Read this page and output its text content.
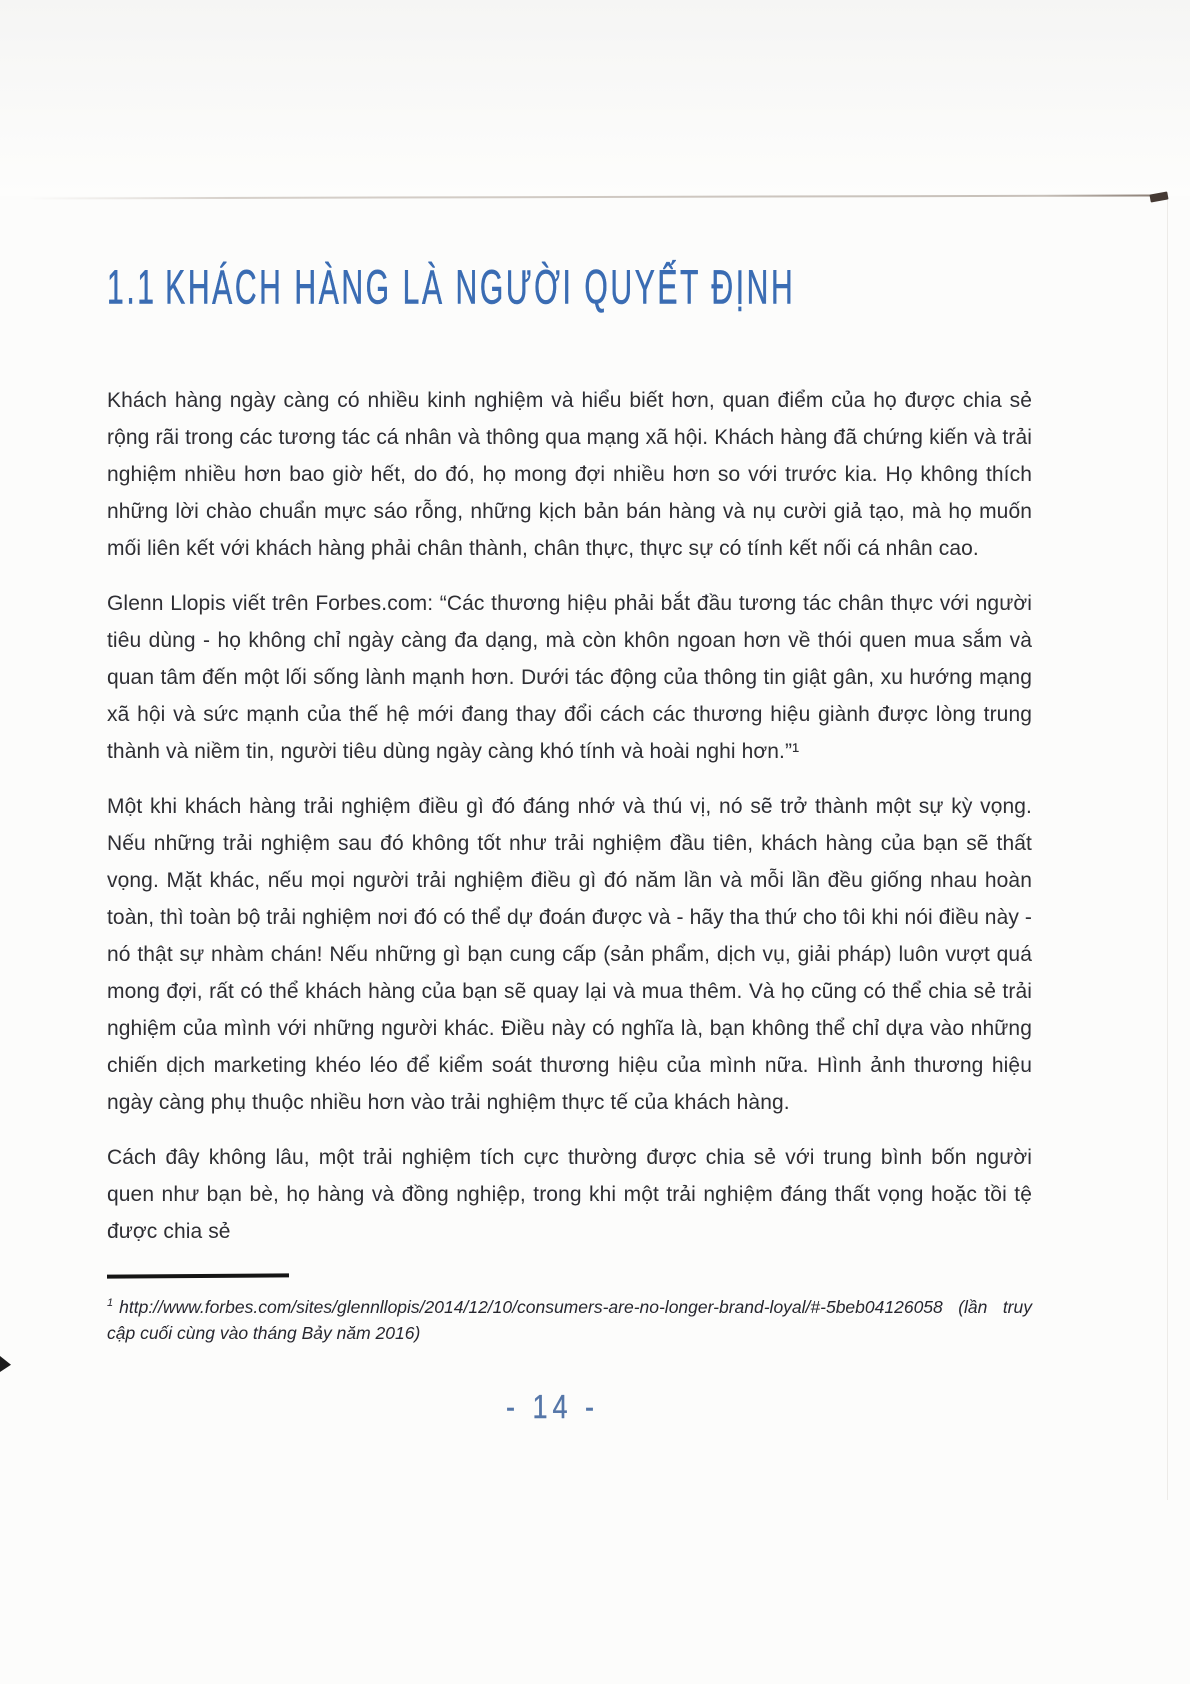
1.1 KHÁCH HÀNG LÀ NGƯỜI QUYẾT ĐỊNH

Khách hàng ngày càng có nhiều kinh nghiệm và hiểu biết hơn, quan điểm của họ được chia sẻ rộng rãi trong các tương tác cá nhân và thông qua mạng xã hội. Khách hàng đã chứng kiến và trải nghiệm nhiều hơn bao giờ hết, do đó, họ mong đợi nhiều hơn so với trước kia. Họ không thích những lời chào chuẩn mực sáo rỗng, những kịch bản bán hàng và nụ cười giả tạo, mà họ muốn mối liên kết với khách hàng phải chân thành, chân thực, thực sự có tính kết nối cá nhân cao.

Glenn Llopis viết trên Forbes.com: “Các thương hiệu phải bắt đầu tương tác chân thực với người tiêu dùng - họ không chỉ ngày càng đa dạng, mà còn khôn ngoan hơn về thói quen mua sắm và quan tâm đến một lối sống lành mạnh hơn. Dưới tác động của thông tin giật gân, xu hướng mạng xã hội và sức mạnh của thế hệ mới đang thay đổi cách các thương hiệu giành được lòng trung thành và niềm tin, người tiêu dùng ngày càng khó tính và hoài nghi hơn.”¹

Một khi khách hàng trải nghiệm điều gì đó đáng nhớ và thú vị, nó sẽ trở thành một sự kỳ vọng. Nếu những trải nghiệm sau đó không tốt như trải nghiệm đầu tiên, khách hàng của bạn sẽ thất vọng. Mặt khác, nếu mọi người trải nghiệm điều gì đó năm lần và mỗi lần đều giống nhau hoàn toàn, thì toàn bộ trải nghiệm nơi đó có thể dự đoán được và - hãy tha thứ cho tôi khi nói điều này - nó thật sự nhàm chán! Nếu những gì bạn cung cấp (sản phẩm, dịch vụ, giải pháp) luôn vượt quá mong đợi, rất có thể khách hàng của bạn sẽ quay lại và mua thêm. Và họ cũng có thể chia sẻ trải nghiệm của mình với những người khác. Điều này có nghĩa là, bạn không thể chỉ dựa vào những chiến dịch marketing khéo léo để kiểm soát thương hiệu của mình nữa. Hình ảnh thương hiệu ngày càng phụ thuộc nhiều hơn vào trải nghiệm thực tế của khách hàng.

Cách đây không lâu, một trải nghiệm tích cực thường được chia sẻ với trung bình bốn người quen như bạn bè, họ hàng và đồng nghiệp, trong khi một trải nghiệm đáng thất vọng hoặc tồi tệ được chia sẻ

$^1$ http://www.forbes.com/sites/glennllopis/2014/12/10/consumers-are-no-longer-brand-loyal/#-5beb04126058 (lần truy cập cuối cùng vào tháng Bảy năm 2016)

- 14 -
